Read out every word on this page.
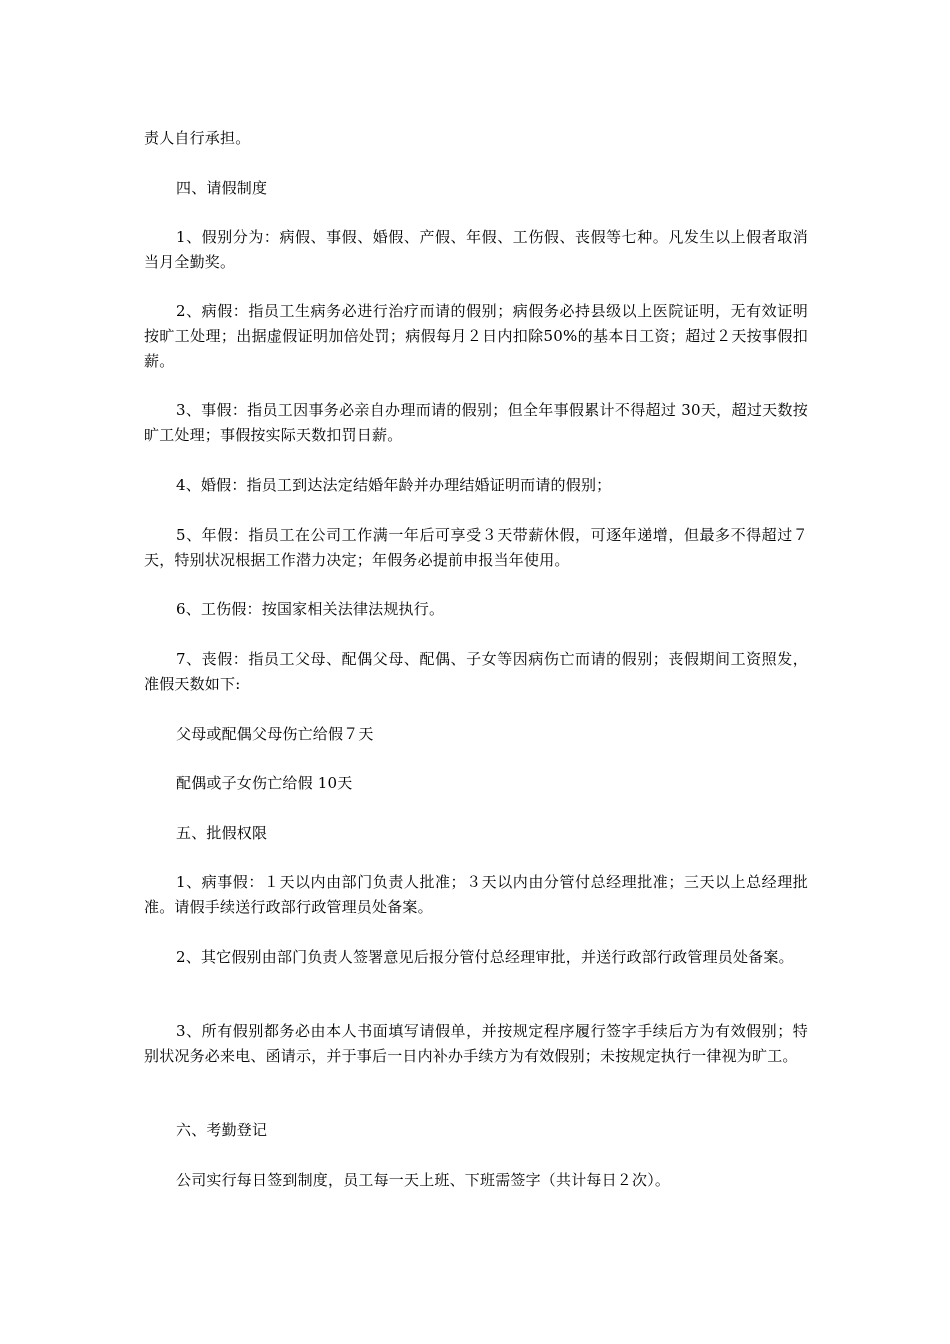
责人自行承担。

四、请假制度

1、假别分为：病假、事假、婚假、产假、年假、工伤假、丧假等七种。凡发生以上假者取消当月全勤奖。

2、病假：指员工生病务必进行治疗而请的假别；病假务必持县级以上医院证明，无有效证明按旷工处理；出据虚假证明加倍处罚；病假每月２日内扣除50%的基本日工资；超过２天按事假扣薪。

3、事假：指员工因事务必亲自办理而请的假别；但全年事假累计不得超过 30天，超过天数按旷工处理；事假按实际天数扣罚日薪。

4、婚假：指员工到达法定结婚年龄并办理结婚证明而请的假别；

5、年假：指员工在公司工作满一年后可享受３天带薪休假，可逐年递增，但最多不得超过７天，特别状况根据工作潜力决定；年假务必提前申报当年使用。

6、工伤假：按国家相关法律法规执行。

7、丧假：指员工父母、配偶父母、配偶、子女等因病伤亡而请的假别；丧假期间工资照发，准假天数如下:

父母或配偶父母伤亡给假７天

配偶或子女伤亡给假 10天

五、批假权限

1、病事假：１天以内由部门负责人批准；３天以内由分管付总经理批准；三天以上总经理批准。请假手续送行政部行政管理员处备案。

2、其它假别由部门负责人签署意见后报分管付总经理审批，并送行政部行政管理员处备案。

3、所有假别都务必由本人书面填写请假单，并按规定程序履行签字手续后方为有效假别；特别状况务必来电、函请示，并于事后一日内补办手续方为有效假别；未按规定执行一律视为旷工。

六、考勤登记

公司实行每日签到制度，员工每一天上班、下班需签字（共计每日２次）。
